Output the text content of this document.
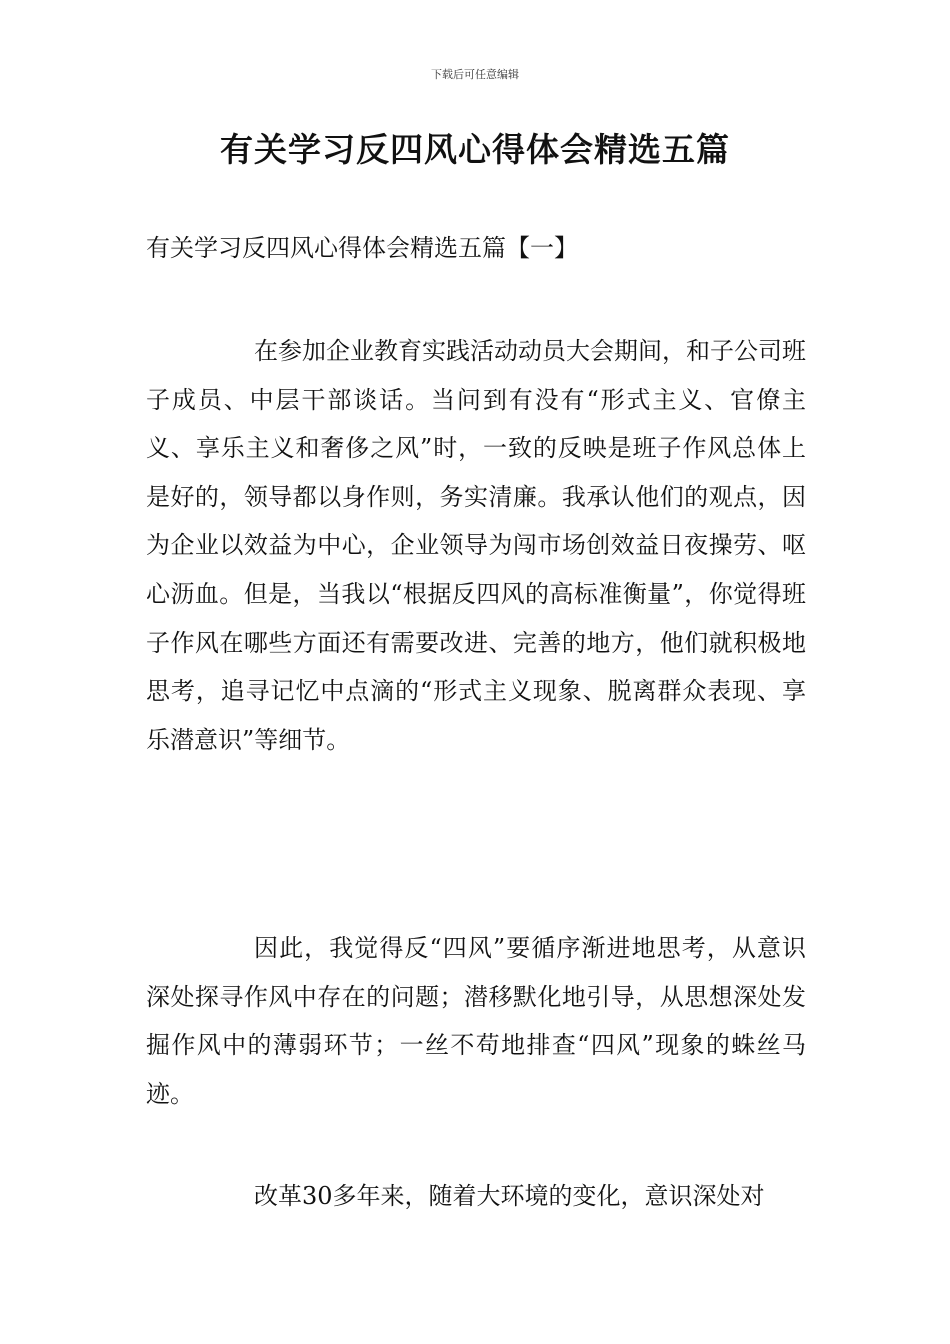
下载后可任意编辑
有关学习反四风心得体会精选五篇
有关学习反四风心得体会精选五篇【一】

在参加企业教育实践活动动员大会期间，和子公司班子成员、中层干部谈话。当问到有没有“形式主义、官僚主义、享乐主义和奢侈之风”时，一致的反映是班子作风总体上是好的，领导都以身作则，务实清廉。我承认他们的观点，因为企业以效益为中心，企业领导为闯市场创效益日夜操劳、呕心沥血。但是，当我以“根据反四风的高标准衡量”，你觉得班子作风在哪些方面还有需要改进、完善的地方，他们就积极地思考，追寻记忆中点滴的“形式主义现象、脱离群众表现、享乐潜意识”等细节。

因此，我觉得反“四风”要循序渐进地思考，从意识深处探寻作风中存在的问题；潜移默化地引导，从思想深处发掘作风中的薄弱环节；一丝不苟地排查“四风”现象的蛛丝马迹。

改革30多年来，随着大环境的变化，意识深处对
